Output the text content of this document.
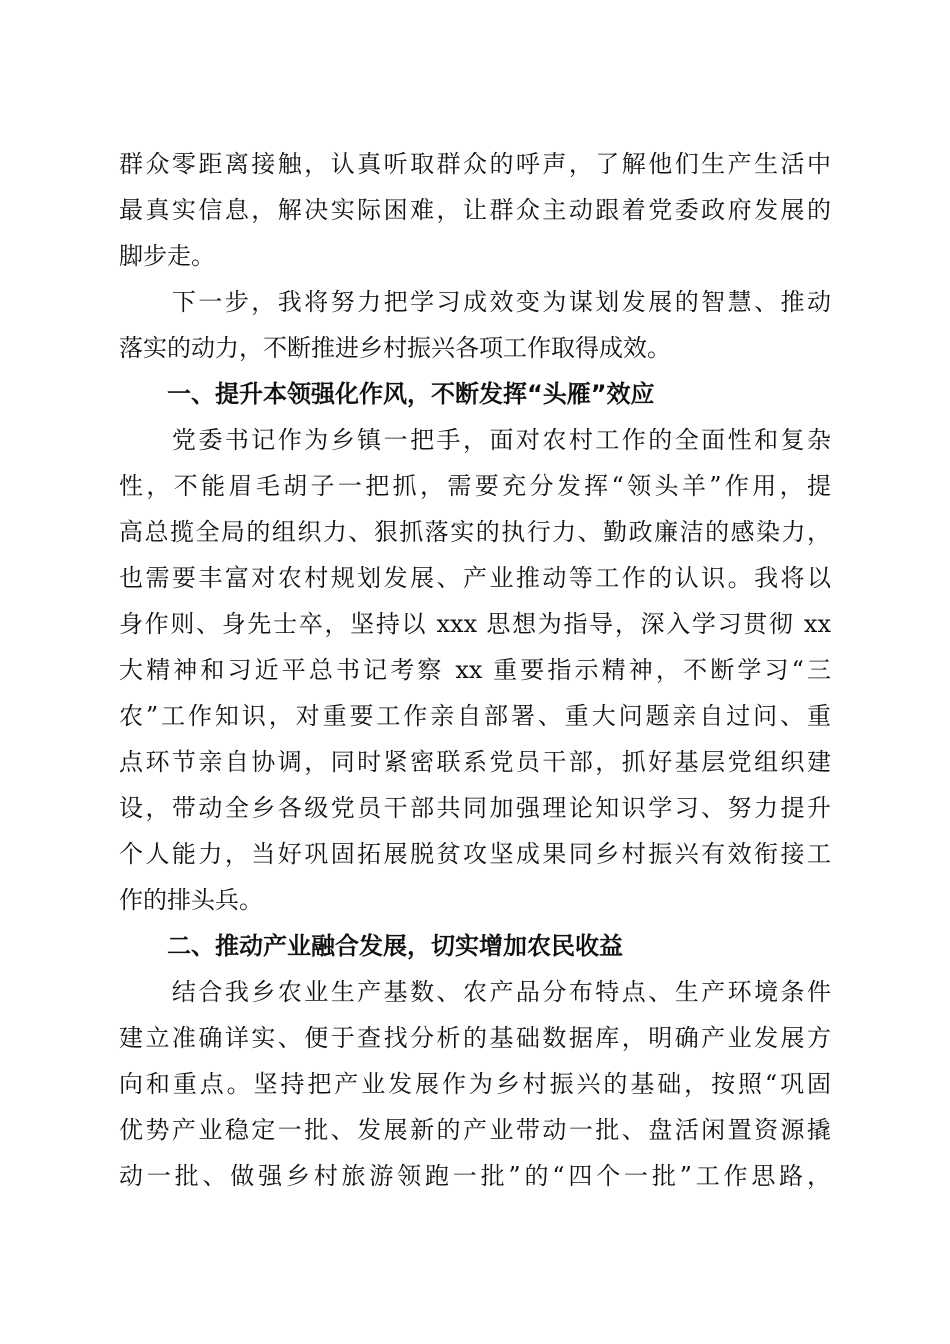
群众零距离接触，认真听取群众的呼声，了解他们生产生活中
最真实信息，解决实际困难，让群众主动跟着党委政府发展的
脚步走。
　　下一步，我将努力把学习成效变为谋划发展的智慧、推动
落实的动力，不断推进乡村振兴各项工作取得成效。
　　一、提升本领强化作风，不断发挥“头雁”效应
　　党委书记作为乡镇一把手，面对农村工作的全面性和复杂
性，不能眉毛胡子一把抓，需要充分发挥“领头羊”作用，提
高总揽全局的组织力、狠抓落实的执行力、勤政廉洁的感染力，
也需要丰富对农村规划发展、产业推动等工作的认识。我将以
身作则、身先士卒，坚持以 xxx 思想为指导，深入学习贯彻 xx
大精神和习近平总书记考察 xx 重要指示精神，不断学习“三
农”工作知识，对重要工作亲自部署、重大问题亲自过问、重
点环节亲自协调，同时紧密联系党员干部，抓好基层党组织建
设，带动全乡各级党员干部共同加强理论知识学习、努力提升
个人能力，当好巩固拓展脱贫攻坚成果同乡村振兴有效衔接工
作的排头兵。
　　二、推动产业融合发展，切实增加农民收益
　　结合我乡农业生产基数、农产品分布特点、生产环境条件
建立准确详实、便于查找分析的基础数据库，明确产业发展方
向和重点。坚持把产业发展作为乡村振兴的基础，按照“巩固
优势产业稳定一批、发展新的产业带动一批、盘活闲置资源撬
动一批、做强乡村旅游领跑一批”的“四个一批”工作思路，
